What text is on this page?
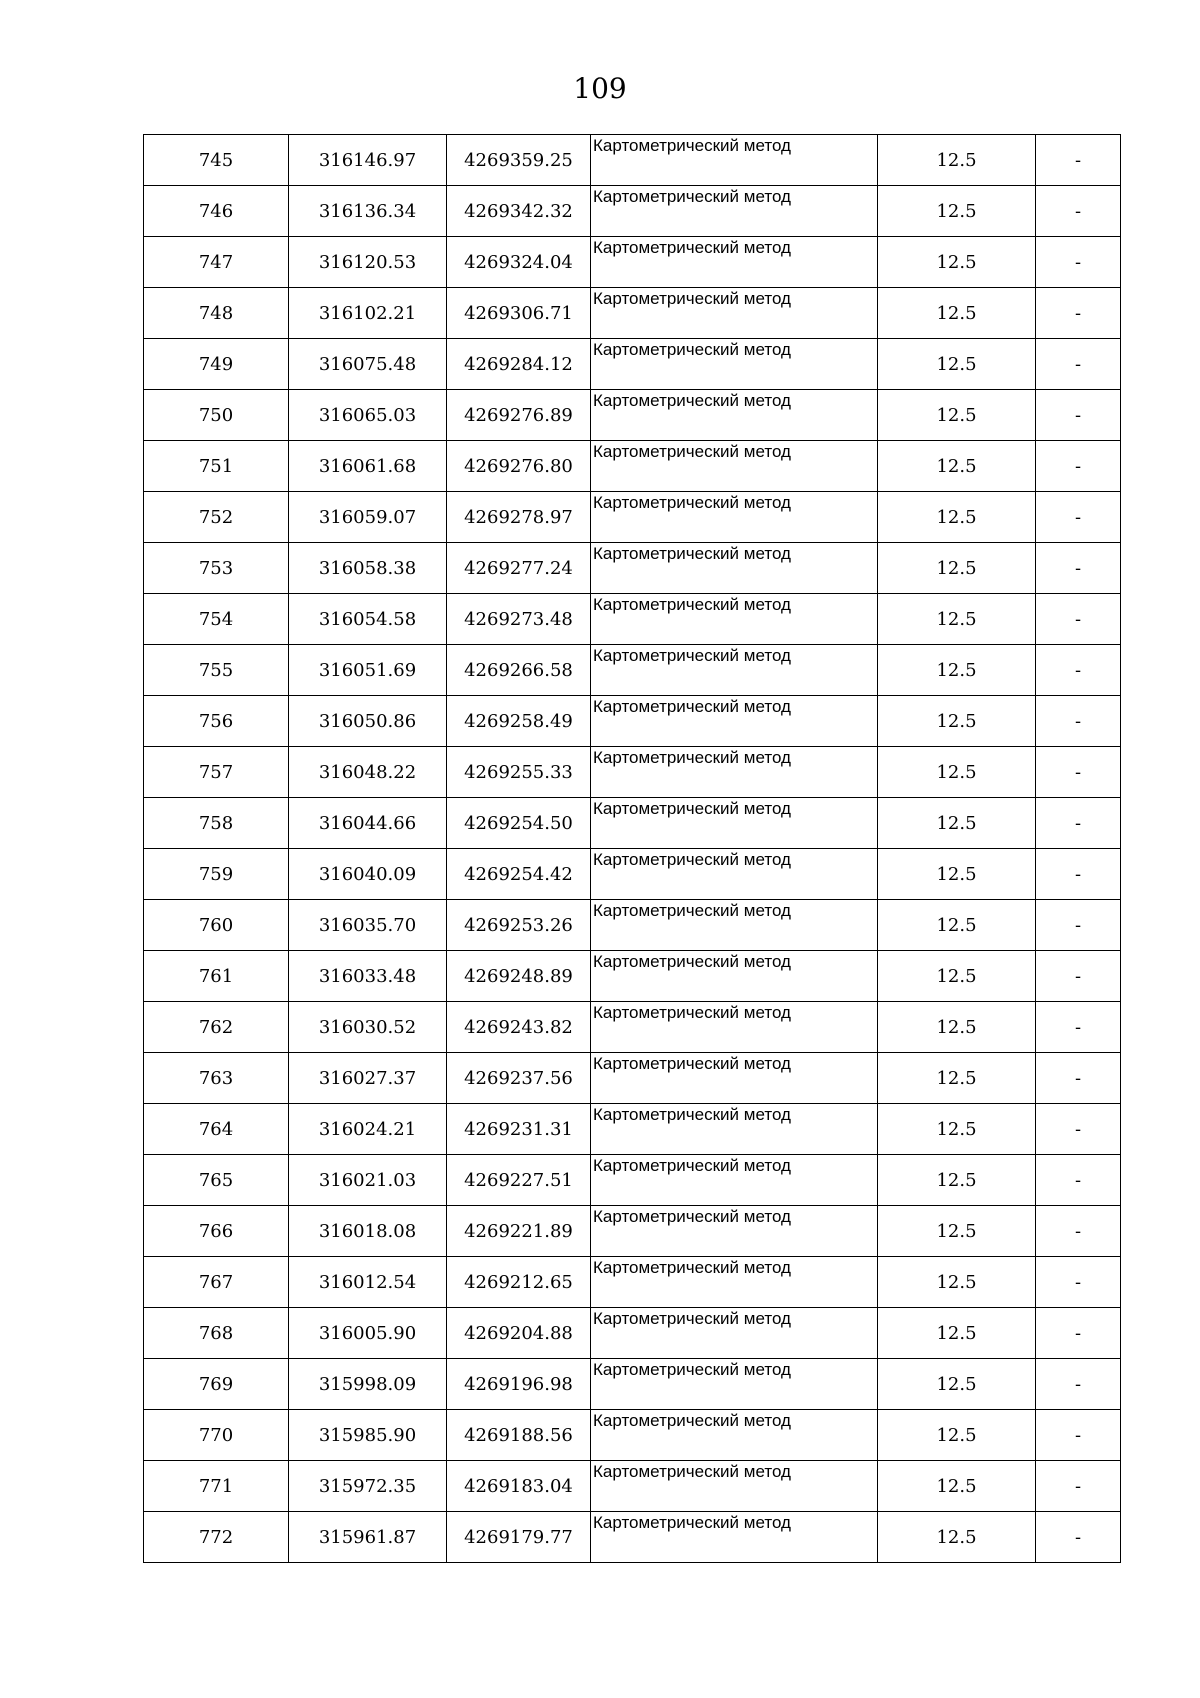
109
745	316146.97	4269359.25	Картометрический метод	12.5	-
746	316136.34	4269342.32	Картометрический метод	12.5	-
747	316120.53	4269324.04	Картометрический метод	12.5	-
748	316102.21	4269306.71	Картометрический метод	12.5	-
749	316075.48	4269284.12	Картометрический метод	12.5	-
750	316065.03	4269276.89	Картометрический метод	12.5	-
751	316061.68	4269276.80	Картометрический метод	12.5	-
752	316059.07	4269278.97	Картометрический метод	12.5	-
753	316058.38	4269277.24	Картометрический метод	12.5	-
754	316054.58	4269273.48	Картометрический метод	12.5	-
755	316051.69	4269266.58	Картометрический метод	12.5	-
756	316050.86	4269258.49	Картометрический метод	12.5	-
757	316048.22	4269255.33	Картометрический метод	12.5	-
758	316044.66	4269254.50	Картометрический метод	12.5	-
759	316040.09	4269254.42	Картометрический метод	12.5	-
760	316035.70	4269253.26	Картометрический метод	12.5	-
761	316033.48	4269248.89	Картометрический метод	12.5	-
762	316030.52	4269243.82	Картометрический метод	12.5	-
763	316027.37	4269237.56	Картометрический метод	12.5	-
764	316024.21	4269231.31	Картометрический метод	12.5	-
765	316021.03	4269227.51	Картометрический метод	12.5	-
766	316018.08	4269221.89	Картометрический метод	12.5	-
767	316012.54	4269212.65	Картометрический метод	12.5	-
768	316005.90	4269204.88	Картометрический метод	12.5	-
769	315998.09	4269196.98	Картометрический метод	12.5	-
770	315985.90	4269188.56	Картометрический метод	12.5	-
771	315972.35	4269183.04	Картометрический метод	12.5	-
772	315961.87	4269179.77	Картометрический метод	12.5	-
